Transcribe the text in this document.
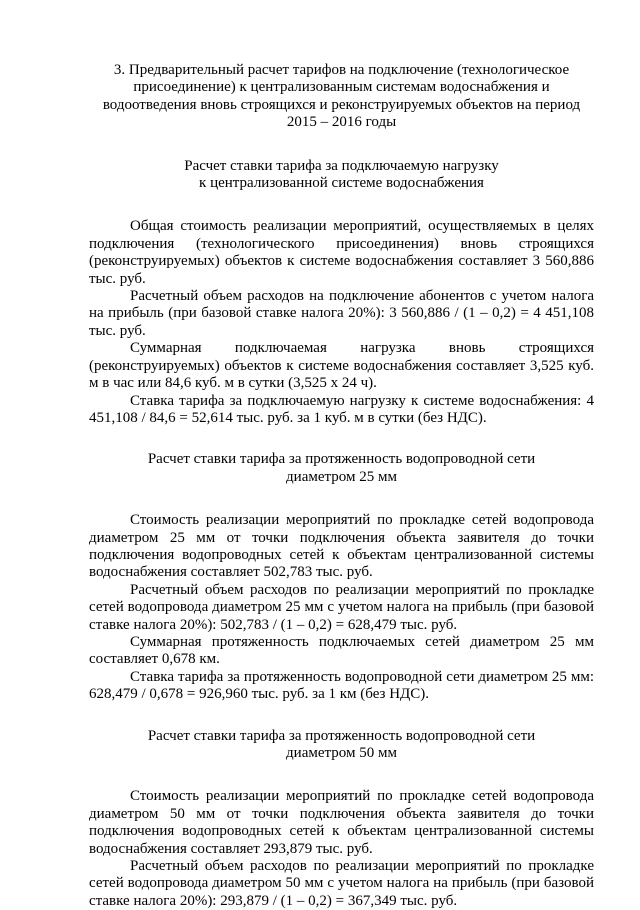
3. Предварительный расчет тарифов на подключение (технологическое
присоединение) к централизованным системам водоснабжения и
водоотведения вновь строящихся и реконструируемых объектов на период
2015 – 2016 годы
Расчет ставки тарифа за подключаемую нагрузку
к централизованной системе водоснабжения

Общая стоимость реализации мероприятий, осуществляемых в целях подключения (технологического присоединения) вновь строящихся (реконструируемых) объектов к системе водоснабжения составляет 3 560,886 тыс. руб.

Расчетный объем расходов на подключение абонентов с учетом налога на прибыль (при базовой ставке налога 20%): 3 560,886 / (1 – 0,2) = 4 451,108 тыс. руб.

Суммарная подключаемая нагрузка вновь строящихся (реконструируемых) объектов к системе водоснабжения составляет 3,525 куб. м в час или 84,6 куб. м в сутки (3,525 х 24 ч).

Ставка тарифа за подключаемую нагрузку к системе водоснабжения: 4 451,108 / 84,6 = 52,614 тыс. руб. за 1 куб. м в сутки (без НДС).

Расчет ставки тарифа за протяженность водопроводной сети
диаметром 25 мм

Стоимость реализации мероприятий по прокладке сетей водопровода диаметром 25 мм от точки подключения объекта заявителя до точки подключения водопроводных сетей к объектам централизованной системы водоснабжения составляет 502,783 тыс. руб.

Расчетный объем расходов по реализации мероприятий по прокладке сетей водопровода диаметром 25 мм с учетом налога на прибыль (при базовой ставке налога 20%): 502,783 / (1 – 0,2) = 628,479 тыс. руб.

Суммарная протяженность подключаемых сетей диаметром 25 мм составляет 0,678 км.

Ставка тарифа за протяженность водопроводной сети диаметром 25 мм: 628,479 / 0,678 = 926,960 тыс. руб. за 1 км (без НДС).

Расчет ставки тарифа за протяженность водопроводной сети
диаметром 50 мм

Стоимость реализации мероприятий по прокладке сетей водопровода диаметром 50 мм от точки подключения объекта заявителя до точки подключения водопроводных сетей к объектам централизованной системы водоснабжения составляет 293,879 тыс. руб.

Расчетный объем расходов по реализации мероприятий по прокладке сетей водопровода диаметром 50 мм с учетом налога на прибыль (при базовой ставке налога 20%): 293,879 / (1 – 0,2) = 367,349 тыс. руб.
